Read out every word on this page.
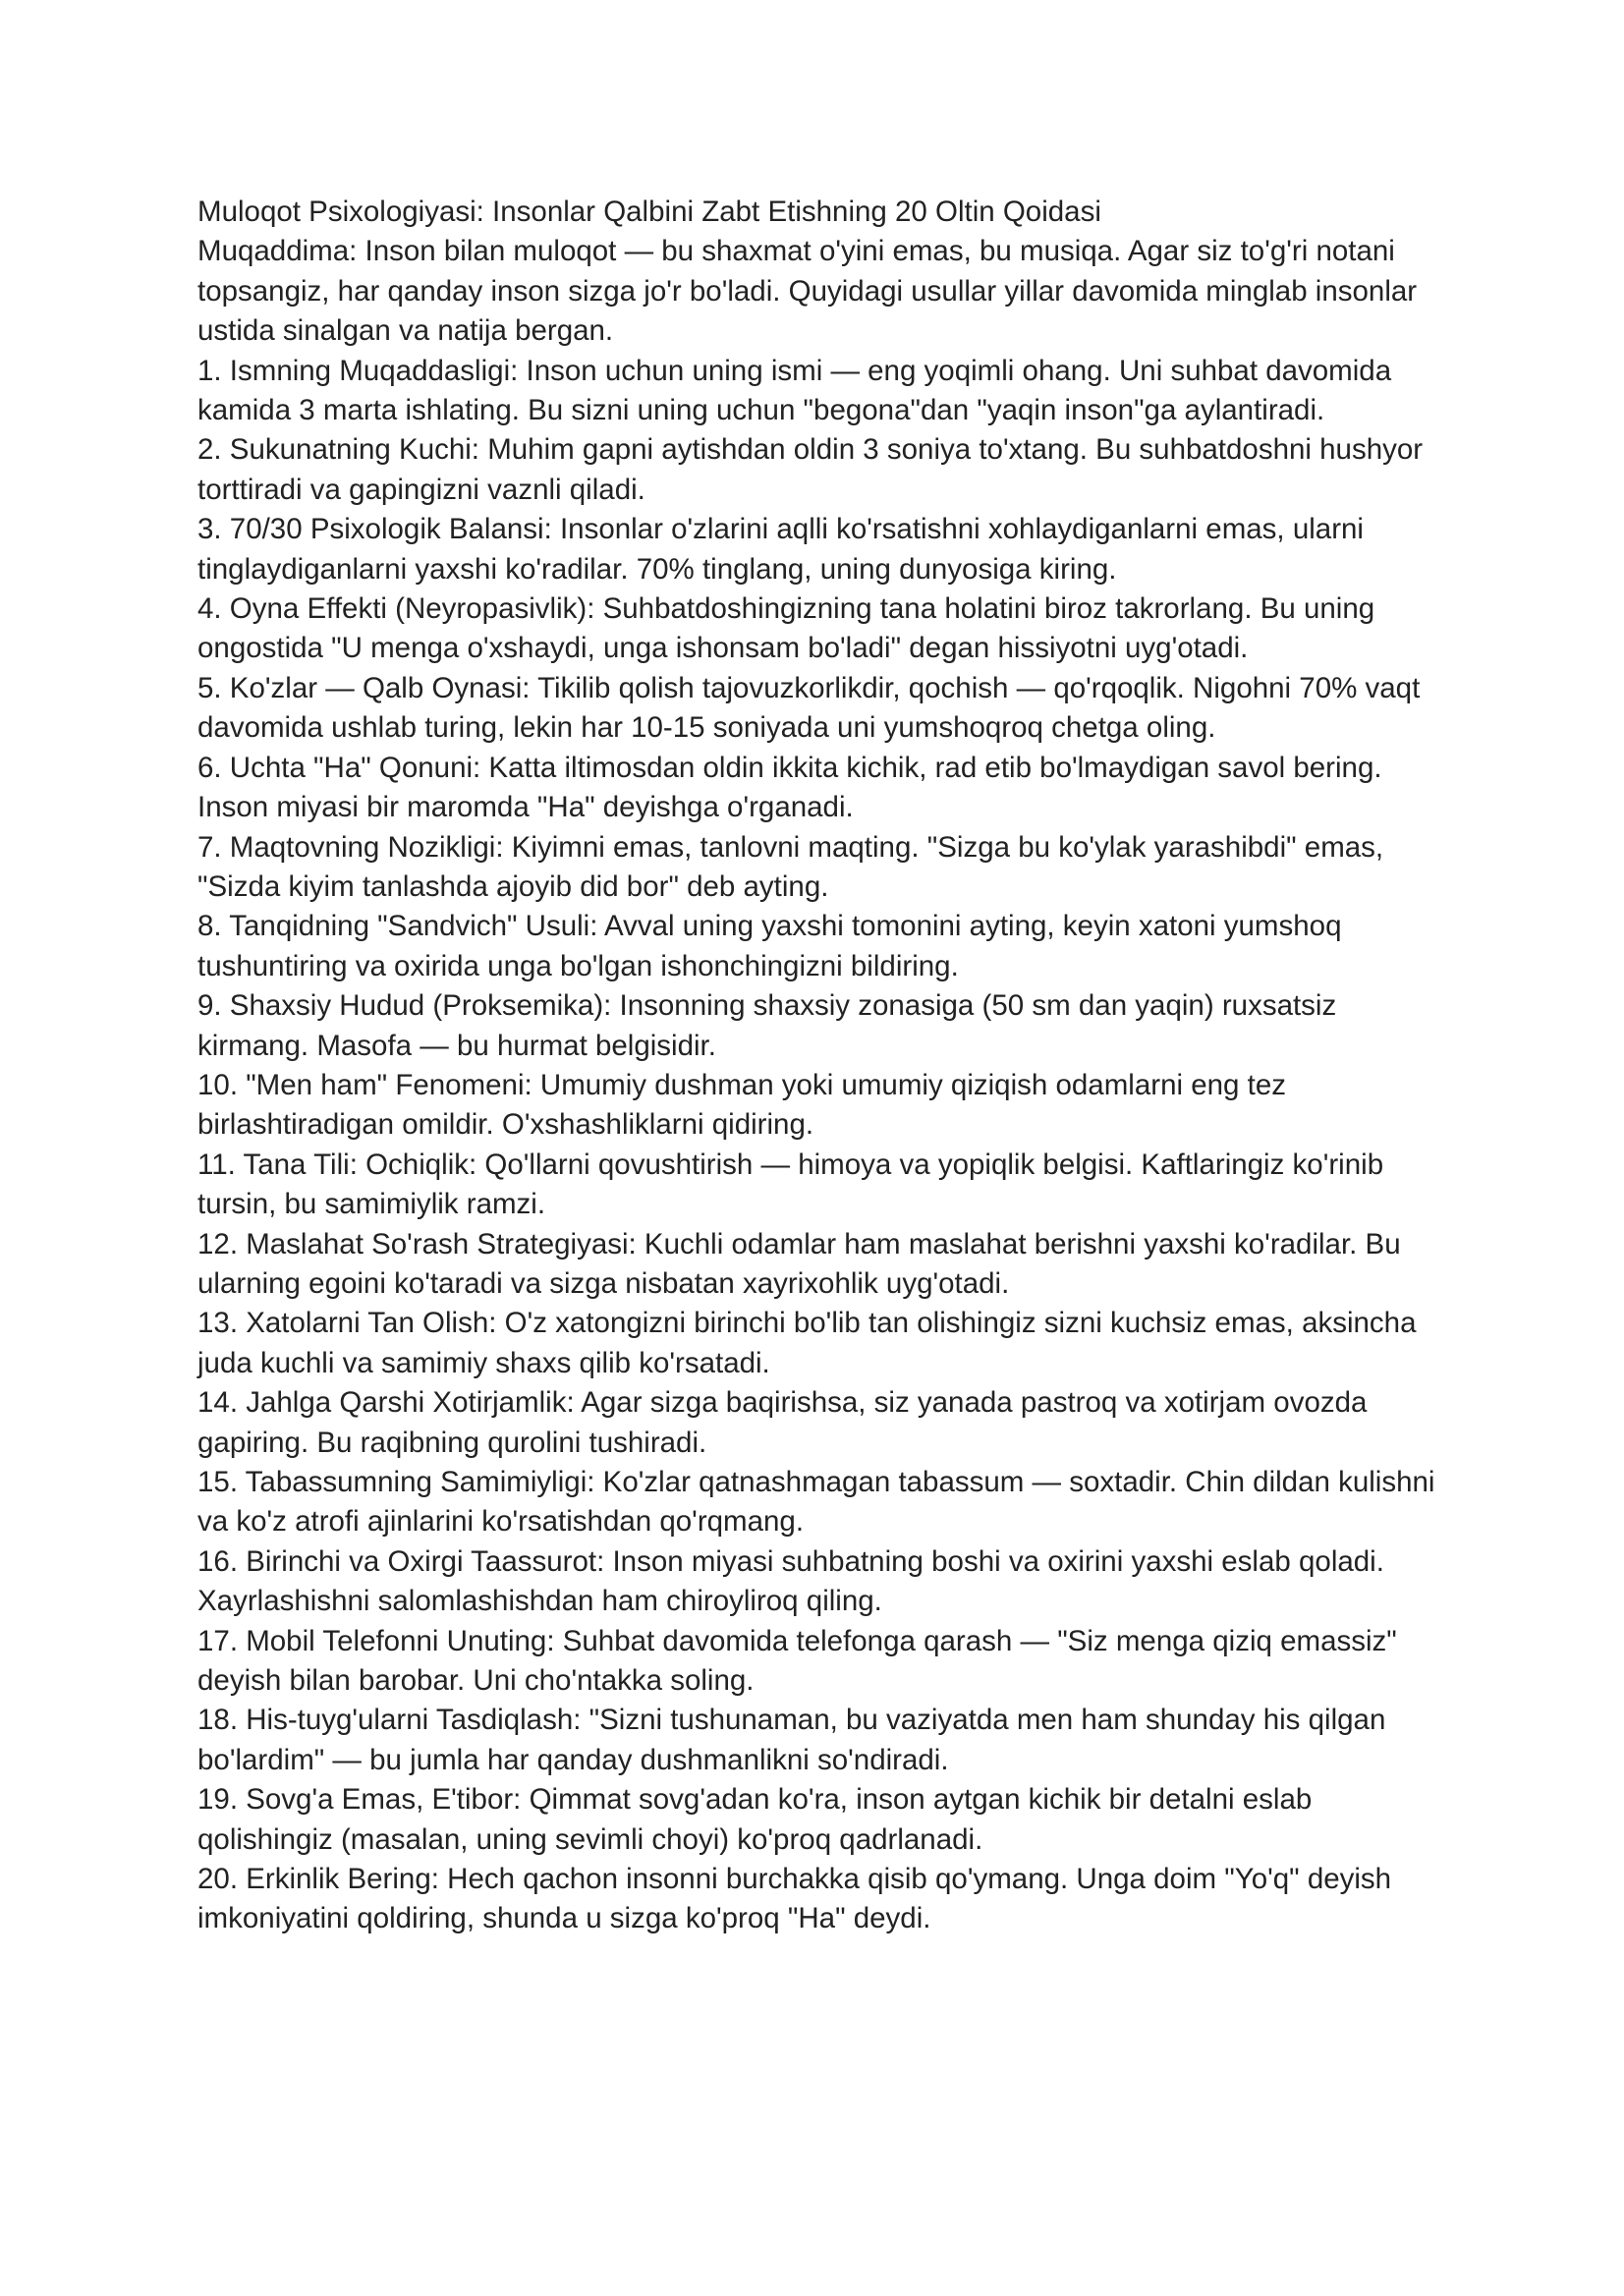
Muloqot Psixologiyasi: Insonlar Qalbini Zabt Etishning 20 Oltin Qoidasi

Muqaddima: Inson bilan muloqot — bu shaxmat o'yini emas, bu musiqa. Agar siz to'g'ri notani topsangiz, har qanday inson sizga jo'r bo'ladi. Quyidagi usullar yillar davomida minglab insonlar ustida sinalgan va natija bergan.

1. Ismning Muqaddasligi: Inson uchun uning ismi — eng yoqimli ohang. Uni suhbat davomida kamida 3 marta ishlating. Bu sizni uning uchun "begona"dan "yaqin inson"ga aylantiradi.

2. Sukunatning Kuchi: Muhim gapni aytishdan oldin 3 soniya to'xtang. Bu suhbatdoshni hushyor torttiradi va gapingizni vaznli qiladi.

3. 70/30 Psixologik Balansi: Insonlar o'zlarini aqlli ko'rsatishni xohlaydiganlarni emas, ularni tinglaydiganlarni yaxshi ko'radilar. 70% tinglang, uning dunyosiga kiring.

4. Oyna Effekti (Neyropasivlik): Suhbatdoshingizning tana holatini biroz takrorlang. Bu uning ongostida "U menga o'xshaydi, unga ishonsam bo'ladi" degan hissiyotni uyg'otadi.

5. Ko'zlar — Qalb Oynasi: Tikilib qolish tajovuzkorlikdir, qochish — qo'rqoqlik. Nigohni 70% vaqt davomida ushlab turing, lekin har 10-15 soniyada uni yumshoqroq chetga oling.

6. Uchta "Ha" Qonuni: Katta iltimosdan oldin ikkita kichik, rad etib bo'lmaydigan savol bering. Inson miyasi bir maromda "Ha" deyishga o'rganadi.

7. Maqtovning Nozikligi: Kiyimni emas, tanlovni maqting. "Sizga bu ko'ylak yarashibdi" emas, "Sizda kiyim tanlashda ajoyib did bor" deb ayting.

8. Tanqidning "Sandvich" Usuli: Avval uning yaxshi tomonini ayting, keyin xatoni yumshoq tushuntiring va oxirida unga bo'lgan ishonchingizni bildiring.

9. Shaxsiy Hudud (Proksemika): Insonning shaxsiy zonasiga (50 sm dan yaqin) ruxsatsiz kirmang. Masofa — bu hurmat belgisidir.

10. "Men ham" Fenomeni: Umumiy dushman yoki umumiy qiziqish odamlarni eng tez birlashtiradigan omildir. O'xshashliklarni qidiring.

11. Tana Tili: Ochiqlik: Qo'llarni qovushtirish — himoya va yopiqlik belgisi. Kaftlaringiz ko'rinib tursin, bu samimiylik ramzi.

12. Maslahat So'rash Strategiyasi: Kuchli odamlar ham maslahat berishni yaxshi ko'radilar. Bu ularning egoini ko'taradi va sizga nisbatan xayrixohlik uyg'otadi.

13. Xatolarni Tan Olish: O'z xatongizni birinchi bo'lib tan olishingiz sizni kuchsiz emas, aksincha juda kuchli va samimiy shaxs qilib ko'rsatadi.

14. Jahlga Qarshi Xotirjamlik: Agar sizga baqirishsa, siz yanada pastroq va xotirjam ovozda gapiring. Bu raqibning qurolini tushiradi.

15. Tabassumning Samimiyligi: Ko'zlar qatnashmagan tabassum — soxtadir. Chin dildan kulishni va ko'z atrofi ajinlarini ko'rsatishdan qo'rqmang.

16. Birinchi va Oxirgi Taassurot: Inson miyasi suhbatning boshi va oxirini yaxshi eslab qoladi. Xayrlashishni salomlashishdan ham chiroyliroq qiling.

17. Mobil Telefonni Unuting: Suhbat davomida telefonga qarash — "Siz menga qiziq emassiz" deyish bilan barobar. Uni cho'ntakka soling.

18. His-tuyg'ularni Tasdiqlash: "Sizni tushunaman, bu vaziyatda men ham shunday his qilgan bo'lardim" — bu jumla har qanday dushmanlikni so'ndiradi.

19. Sovg'a Emas, E'tibor: Qimmat sovg'adan ko'ra, inson aytgan kichik bir detalni eslab qolishingiz (masalan, uning sevimli choyi) ko'proq qadrlanadi.

20. Erkinlik Bering: Hech qachon insonni burchakka qisib qo'ymang. Unga doim "Yo'q" deyish imkoniyatini qoldiring, shunda u sizga ko'proq "Ha" deydi.
